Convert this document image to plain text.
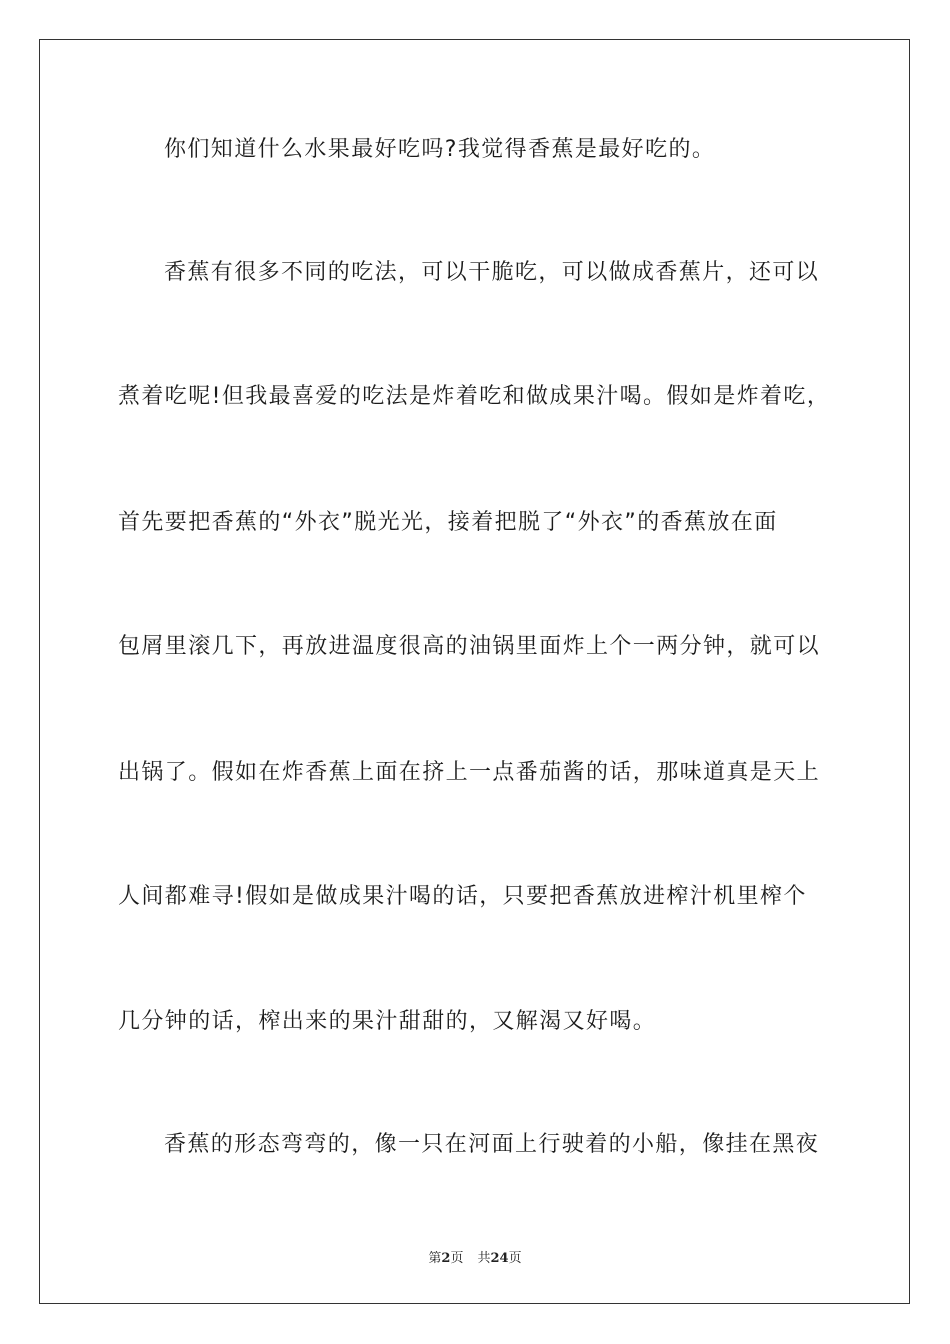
你们知道什么水果最好吃吗?我觉得香蕉是最好吃的。
香蕉有很多不同的吃法，可以干脆吃，可以做成香蕉片，还可以
煮着吃呢!但我最喜爱的吃法是炸着吃和做成果汁喝。假如是炸着吃，
首先要把香蕉的“外衣”脱光光，接着把脱了“外衣”的香蕉放在面
包屑里滚几下，再放进温度很高的油锅里面炸上个一两分钟，就可以
出锅了。假如在炸香蕉上面在挤上一点番茄酱的话，那味道真是天上
人间都难寻!假如是做成果汁喝的话，只要把香蕉放进榨汁机里榨个
几分钟的话，榨出来的果汁甜甜的，又解渴又好喝。
香蕉的形态弯弯的，像一只在河面上行驶着的小船，像挂在黑夜
第2页 共24页
